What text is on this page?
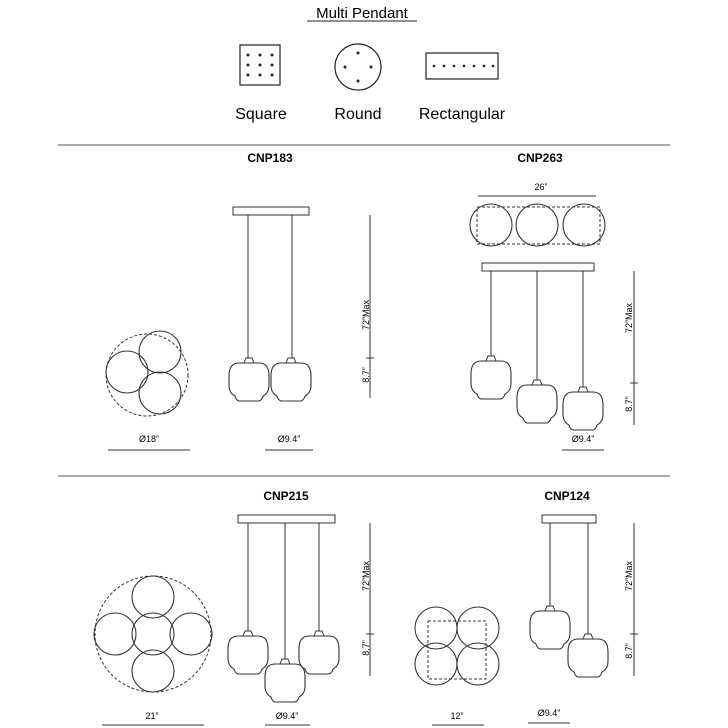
Multi Pendant
Square	Round Rectangular
CNP183
Ø18”	Ø9.4”
72”Max
8.7”
CNP263
26”
Ø9.4”
72”Max
8.7”
CNP215
21”	Ø9.4”
72”Max
8.7”
CNP124
12”	Ø9.4”
72”Max
8.7”
